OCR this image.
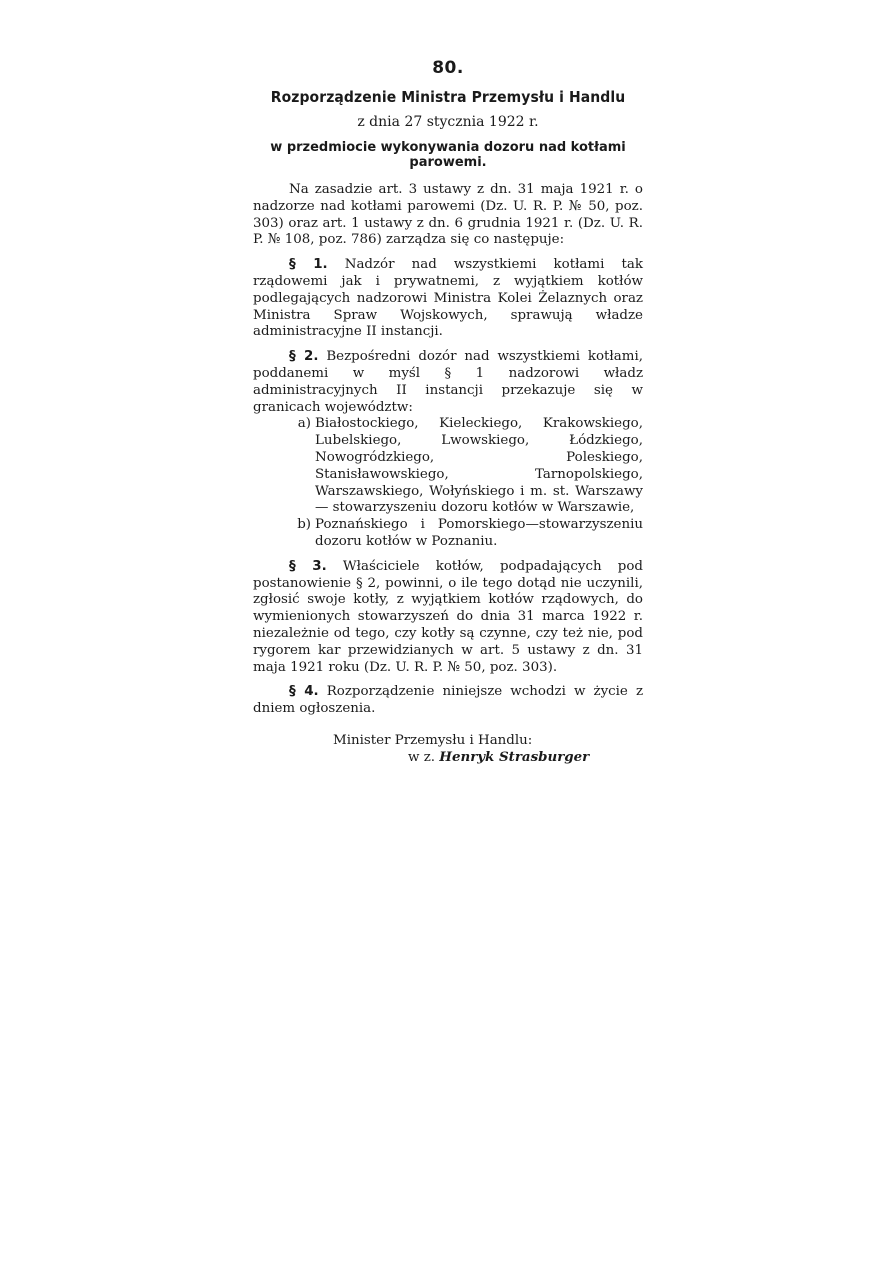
80.
Rozporządzenie Ministra Przemysłu i Handlu
z dnia 27 stycznia 1922 r.
w przedmiocie wykonywania dozoru nad kotłami parowemi.

Na zasadzie art. 3 ustawy z dn. 31 maja 1921 r. o nadzorze nad kotłami parowemi (Dz. U. R. P. № 50, poz. 303) oraz art. 1 ustawy z dn. 6 grudnia 1921 r. (Dz. U. R. P. № 108, poz. 786) zarządza się co następuje:

§ 1. Nadzór nad wszystkiemi kotłami tak rządowemi jak i prywatnemi, z wyjątkiem kotłów podlegających nadzorowi Ministra Kolei Żelaznych oraz Ministra Spraw Wojskowych, sprawują władze administracyjne II instancji.

§ 2. Bezpośredni dozór nad wszystkiemi kotłami, poddanemi w myśl § 1 nadzorowi władz administracyjnych II instancji przekazuje się w granicach województw:

a) Białostockiego, Kieleckiego, Krakowskiego, Lubelskiego, Lwowskiego, Łódzkiego, Nowogródzkiego, Poleskiego, Stanisławowskiego, Tarnopolskiego, Warszawskiego, Wołyńskiego i m. st. Warszawy — stowarzyszeniu dozoru kotłów w Warszawie,
b) Poznańskiego i Pomorskiego—stowarzyszeniu dozoru kotłów w Poznaniu.

§ 3. Właściciele kotłów, podpadających pod postanowienie § 2, powinni, o ile tego dotąd nie uczynili, zgłosić swoje kotły, z wyjątkiem kotłów rządowych, do wymienionych stowarzyszeń do dnia 31 marca 1922 r. niezależnie od tego, czy kotły są czynne, czy też nie, pod rygorem kar przewidzianych w art. 5 ustawy z dn. 31 maja 1921 roku (Dz. U. R. P. № 50, poz. 303).

§ 4. Rozporządzenie niniejsze wchodzi w życie z dniem ogłoszenia.

Minister Przemysłu i Handlu:
w z. Henryk Strasburger
